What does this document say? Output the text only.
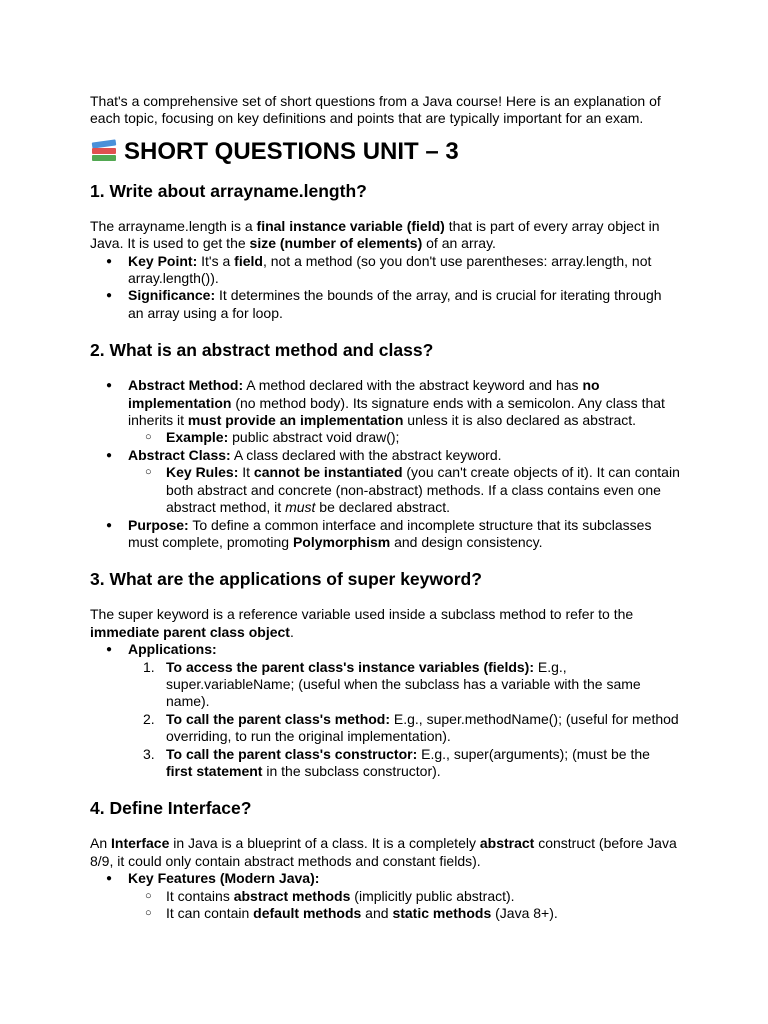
That's a comprehensive set of short questions from a Java course! Here is an explanation of each topic, focusing on key definitions and points that are typically important for an exam.

SHORT QUESTIONS UNIT – 3
1. Write about arrayname.length?

The arrayname.length is a final instance variable (field) that is part of every array object in Java. It is used to get the size (number of elements) of an array.

● Key Point: It's a field, not a method (so you don't use parentheses: array.length, not array.length()).
● Significance: It determines the bounds of the array, and is crucial for iterating through an array using a for loop.
2. What is an abstract method and class?
● Abstract Method: A method declared with the abstract keyword and has no implementation (no method body). Its signature ends with a semicolon. Any class that inherits it must provide an implementation unless it is also declared as abstract.
○ Example: public abstract void draw();
● Abstract Class: A class declared with the abstract keyword.
○ Key Rules: It cannot be instantiated (you can't create objects of it). It can contain both abstract and concrete (non-abstract) methods. If a class contains even one abstract method, it must be declared abstract.
● Purpose: To define a common interface and incomplete structure that its subclasses must complete, promoting Polymorphism and design consistency.
3. What are the applications of super keyword?

The super keyword is a reference variable used inside a subclass method to refer to the immediate parent class object.

● Applications:
1. To access the parent class's instance variables (fields): E.g., super.variableName; (useful when the subclass has a variable with the same name).
2. To call the parent class's method: E.g., super.methodName(); (useful for method overriding, to run the original implementation).
3. To call the parent class's constructor: E.g., super(arguments); (must be the first statement in the subclass constructor).
4. Define Interface?

An Interface in Java is a blueprint of a class. It is a completely abstract construct (before Java 8/9, it could only contain abstract methods and constant fields).

● Key Features (Modern Java):
○ It contains abstract methods (implicitly public abstract).
○ It can contain default methods and static methods (Java 8+).
